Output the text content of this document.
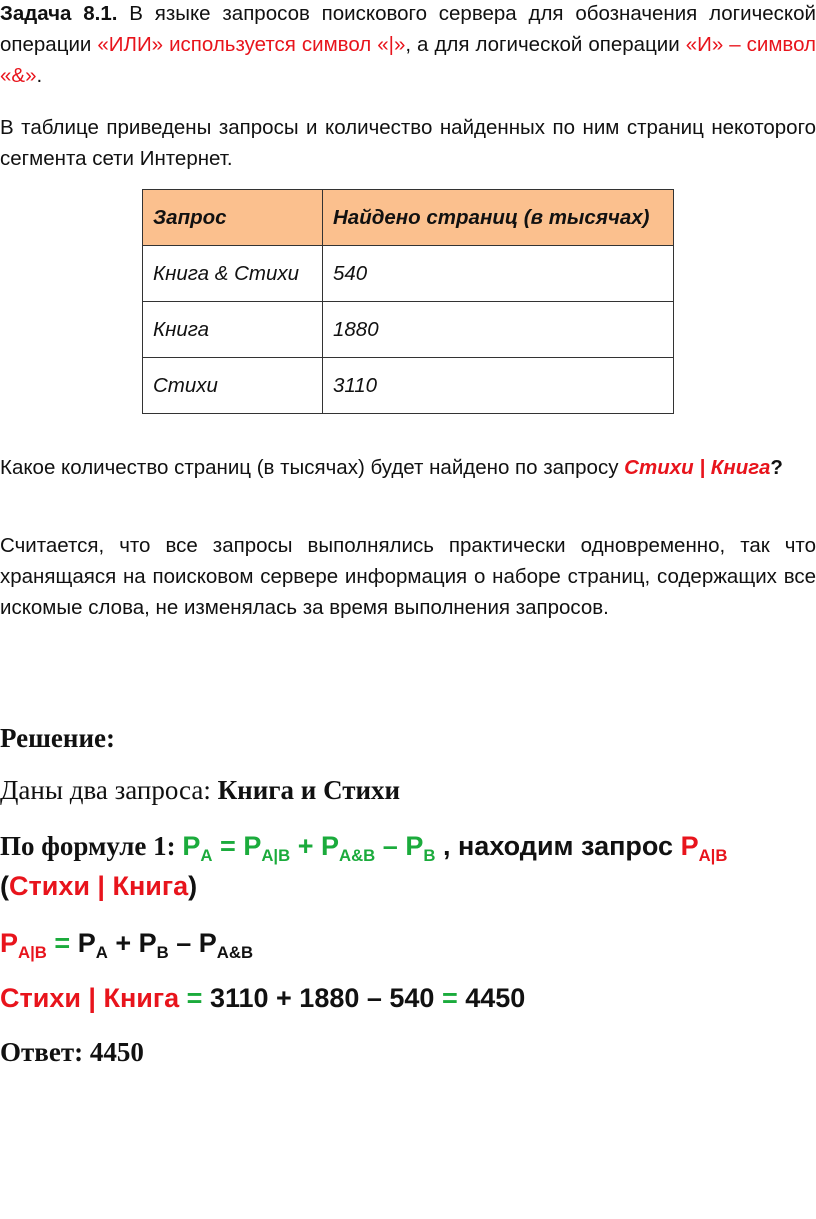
Задача 8.1. В языке запросов поискового сервера для обозначения логической операции «ИЛИ» используется символ «|», а для логической операции «И» – символ «&».

В таблице приведены запросы и количество найденных по ним страниц некоторого сегмента сети Интернет.

Запрос	Найдено страниц (в тысячах)
Книга & Стихи	540
Книга	1880
Стихи	3110

Какое количество страниц (в тысячах) будет найдено по запросу Стихи | Книга?

Считается, что все запросы выполнялись практически одновременно, так что хранящаяся на поисковом сервере информация о наборе страниц, содержащих все искомые слова, не изменялась за время выполнения запросов.

Решение:
Даны два запроса: Книга и Стихи
По формуле 1: $P_A = P_{A|B} + P_{A\&B} - P_B$ , находим запрос $P_{A|B}$
(Стихи | Книга)
$P_{A|B} = P_A + P_B - P_{A\&B}$
Стихи | Книга = 3110 + 1880 – 540 = 4450
Ответ: 4450
